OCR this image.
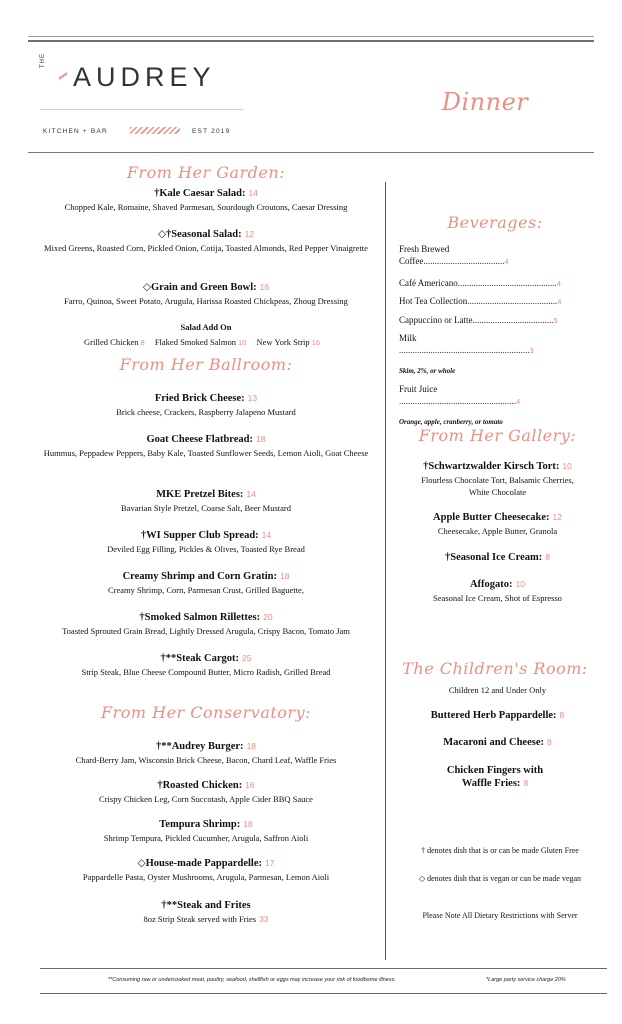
THE
AUDREY
KITCHEN + BAR	EST 2019
Dinner
From Her Garden:
†Kale Caesar Salad: 14
Chopped Kale, Romaine, Shaved Parmesan, Sourdough Croutons, Caesar Dressing
◇†Seasonal Salad: 12
Mixed Greens, Roasted Corn, Pickled Onion, Cotija, Toasted Almonds, Red Pepper Vinaigrette
◇Grain and Green Bowl: 16
Farro, Quinoa, Sweet Potato, Arugula, Harissa Roasted Chickpeas, Zhoug Dressing
Salad Add On
Grilled Chicken 8 Flaked Smoked Salmon 10 New York Strip 16
From Her Ballroom:
Fried Brick Cheese: 13
Brick cheese, Crackers, Raspberry Jalapeno Mustard
Goat Cheese Flatbread: 18
Hummus, Peppadew Peppers, Baby Kale, Toasted Sunflower Seeds, Lemon Aioli, Goat Cheese
MKE Pretzel Bites: 14
Bavarian Style Pretzel, Coarse Salt, Beer Mustard
†WI Supper Club Spread: 14
Deviled Egg Filling, Pickles & Olives, Toasted Rye Bread
Creamy Shrimp and Corn Gratin: 18
Creamy Shrimp, Corn, Parmesan Crust, Grilled Baguette,
†Smoked Salmon Rillettes: 20
Toasted Sprouted Grain Bread, Lightly Dressed Arugula, Crispy Bacon, Tomato Jam
†**Steak Cargot: 25
Strip Steak, Blue Cheese Compound Butter, Micro Radish, Grilled Bread
From Her Conservatory:
†**Audrey Burger: 18
Chard-Berry Jam, Wisconsin Brick Cheese, Bacon, Chard Leaf, Waffle Fries
†Roasted Chicken: 16
Crispy Chicken Leg, Corn Succotash, Apple Cider BBQ Sauce
Tempura Shrimp: 18
Shrimp Tempura, Pickled Cucumber, Arugula, Saffron Aioli
◇House-made Pappardelle: 17
Pappardelle Pasta, Oyster Mushrooms, Arugula, Parmesan, Lemon Aioli
†**Steak and Frites
8oz Strip Steak served with Fries 33
Beverages:
Fresh Brewed
Coffee....................................4
Café Americano............................................4
Hot Tea Collection........................................4
Cappuccino or Latte....................................5
Milk
..........................................................3
Skim, 2%, or whole
Fruit Juice
....................................................4
Orange, apple, cranberry, or tomato
From Her Gallery:
†Schwartzwalder Kirsch Tort: 10
Flourless Chocolate Tort, Balsamic Cherries, White Chocolate
Apple Butter Cheesecake: 12
Cheesecake, Apple Butter, Granola
†Seasonal Ice Cream: 8
Affogato: 10
Seasonal Ice Cream, Shot of Espresso
The Children's Room:
Children 12 and Under Only
Buttered Herb Pappardelle: 8
Macaroni and Cheese: 8
Chicken Fingers with Waffle Fries: 8
† denotes dish that is or can be made Gluten Free
◇ denotes dish that is vegan or can be made vegan
Please Note All Dietary Restrictions with Server
**Consuming raw or undercooked meat, poultry, seafood, shellfish or eggs may increase your risk of foodborne illness.	*Large party service charge 20%
